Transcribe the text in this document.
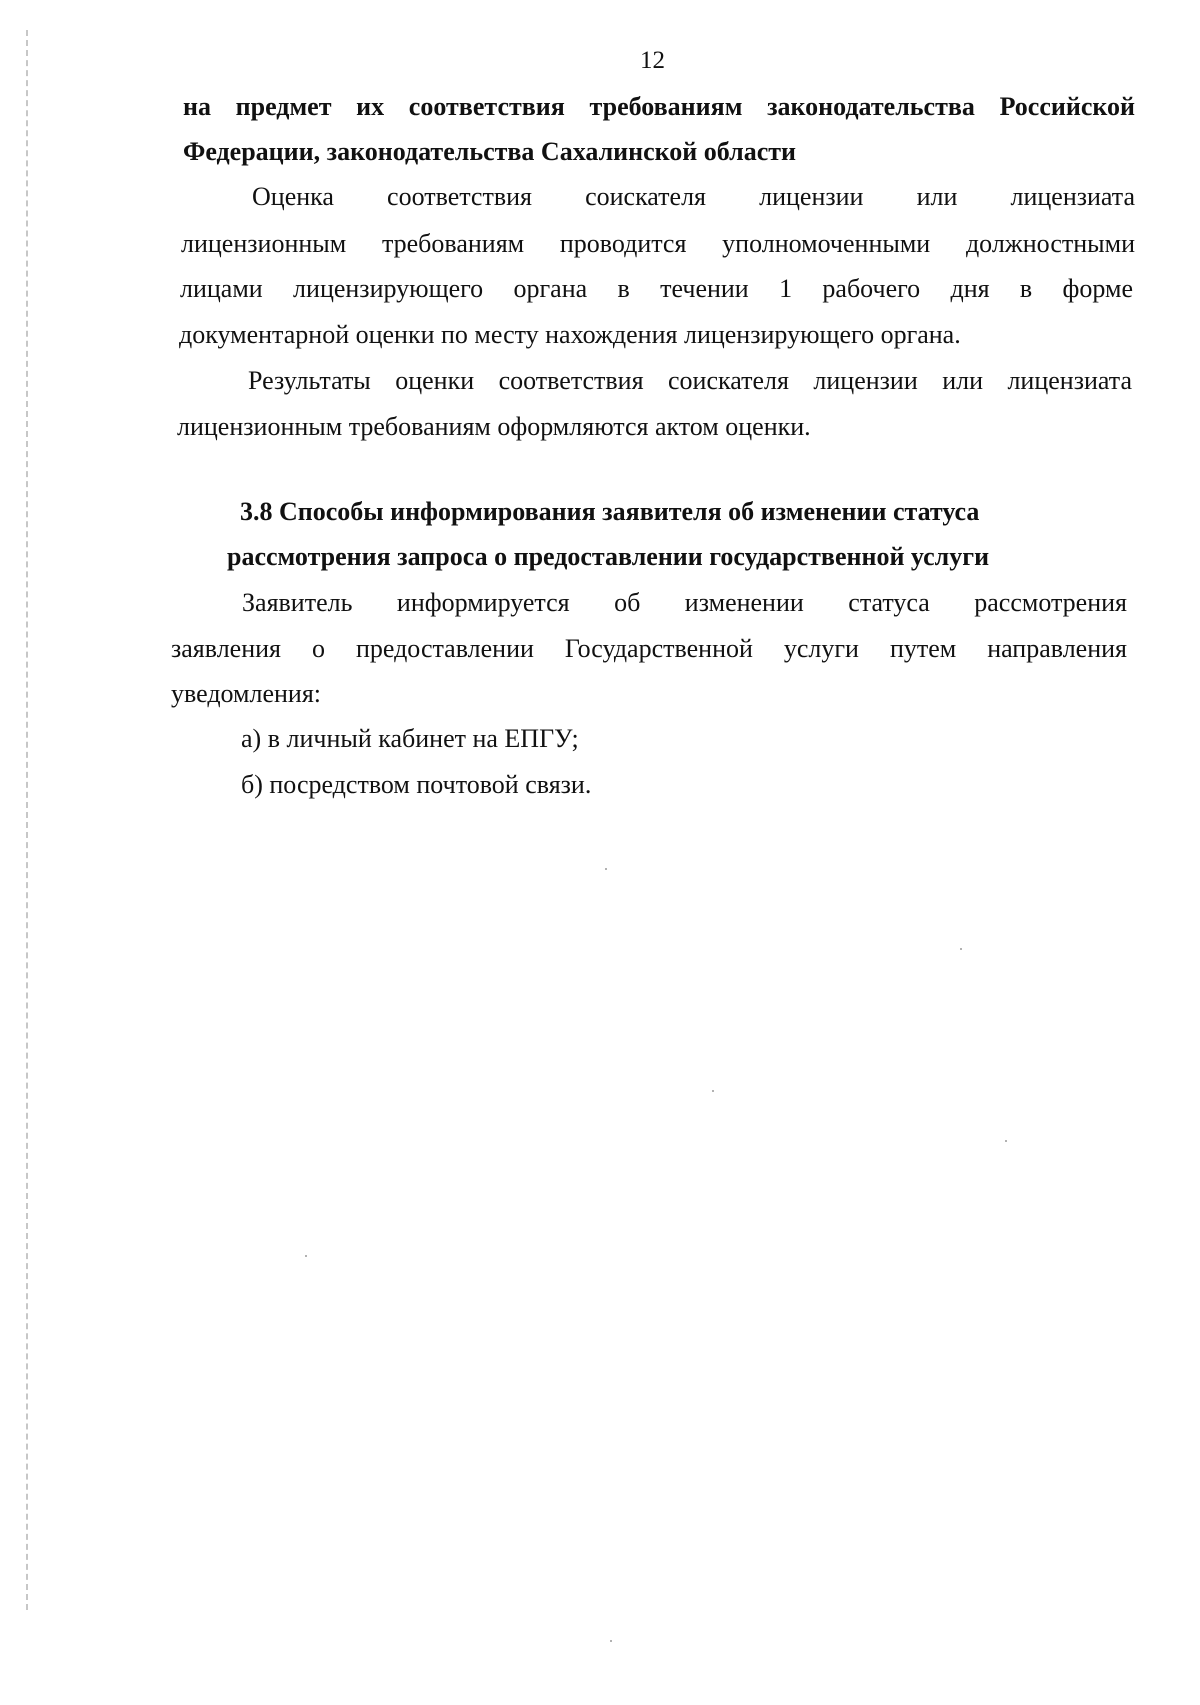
12
на предмет их соответствия требованиям законодательства Российской
Федерации, законодательства Сахалинской области
Оценка соответствия соискателя лицензии или лицензиата
лицензионным требованиям проводится уполномоченными должностными
лицами лицензирующего органа в течении 1 рабочего дня в форме
документарной оценки по месту нахождения лицензирующего органа.
Результаты оценки соответствия соискателя лицензии или лицензиата
лицензионным требованиям оформляются актом оценки.
3.8 Способы информирования заявителя об изменении статуса
рассмотрения запроса о предоставлении государственной услуги
Заявитель информируется об изменении статуса рассмотрения
заявления о предоставлении Государственной услуги путем направления
уведомления:
а) в личный кабинет на ЕПГУ;
б) посредством почтовой связи.
